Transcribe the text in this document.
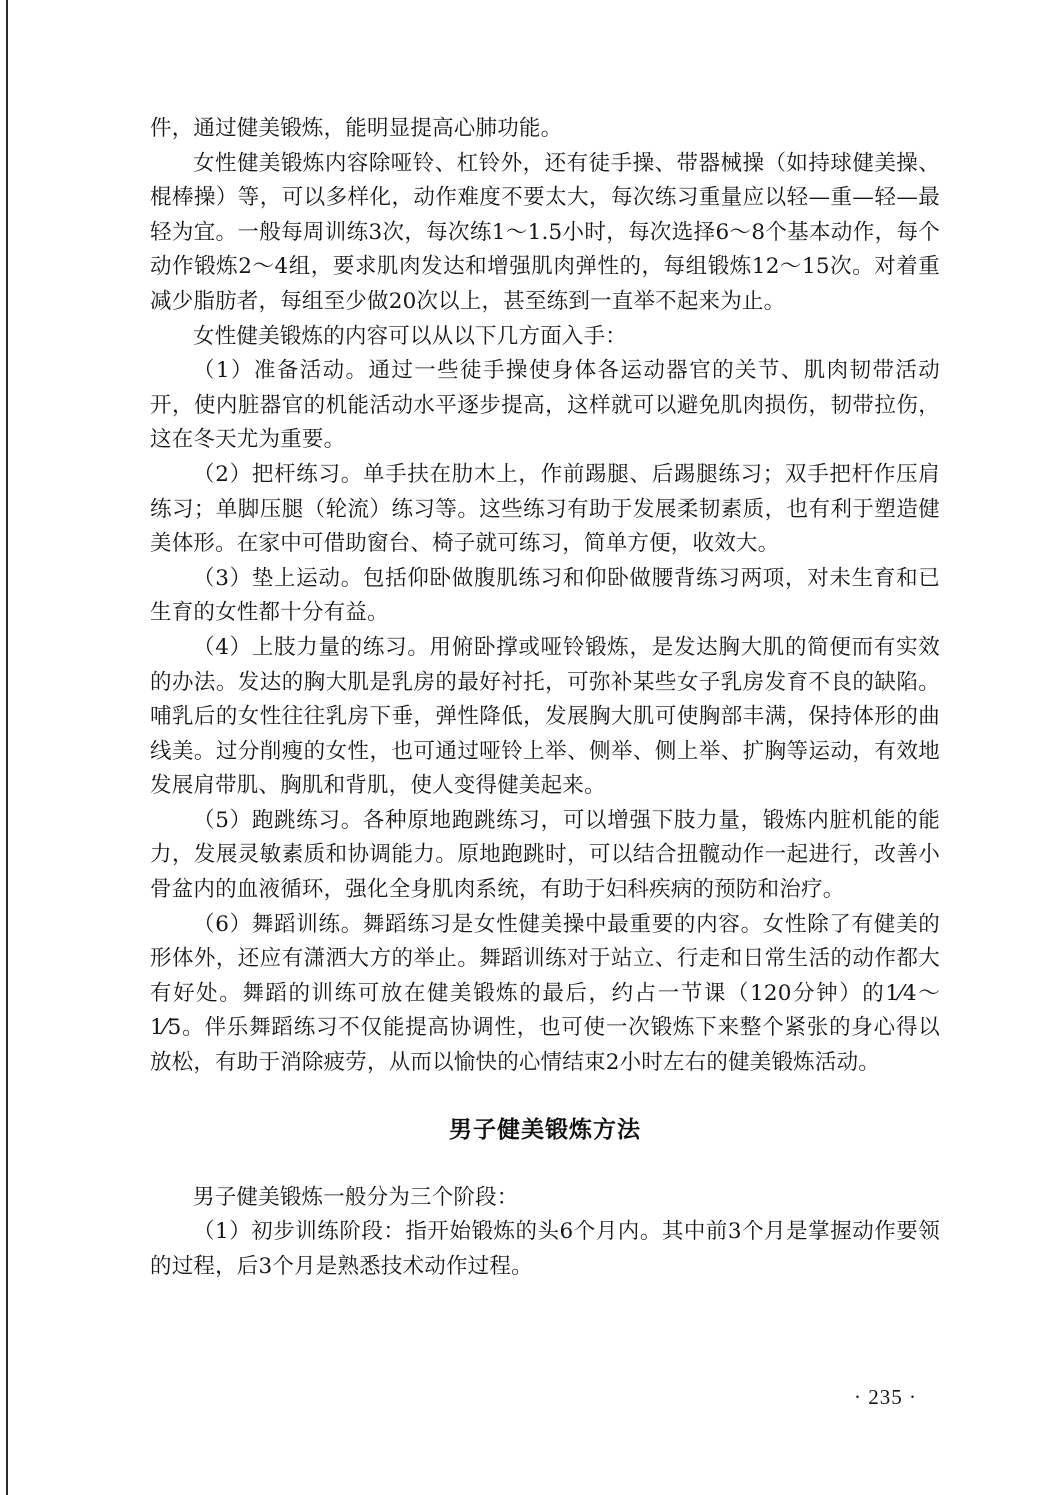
件，通过健美锻炼，能明显提高心肺功能。

女性健美锻炼内容除哑铃、杠铃外，还有徒手操、带器械操（如持球健美操、棍棒操）等，可以多样化，动作难度不要太大，每次练习重量应以轻—重—轻—最轻为宜。一般每周训练3次，每次练1～1.5小时，每次选择6～8个基本动作，每个动作锻炼2～4组，要求肌肉发达和增强肌肉弹性的，每组锻炼12～15次。对着重减少脂肪者，每组至少做20次以上，甚至练到一直举不起来为止。

女性健美锻炼的内容可以从以下几方面入手：

（1）准备活动。通过一些徒手操使身体各运动器官的关节、肌肉韧带活动开，使内脏器官的机能活动水平逐步提高，这样就可以避免肌肉损伤，韧带拉伤，这在冬天尤为重要。

（2）把杆练习。单手扶在肋木上，作前踢腿、后踢腿练习；双手把杆作压肩练习；单脚压腿（轮流）练习等。这些练习有助于发展柔韧素质，也有利于塑造健美体形。在家中可借助窗台、椅子就可练习，简单方便，收效大。

（3）垫上运动。包括仰卧做腹肌练习和仰卧做腰背练习两项，对未生育和已生育的女性都十分有益。

（4）上肢力量的练习。用俯卧撑或哑铃锻炼，是发达胸大肌的简便而有实效的办法。发达的胸大肌是乳房的最好衬托，可弥补某些女子乳房发育不良的缺陷。哺乳后的女性往往乳房下垂，弹性降低，发展胸大肌可使胸部丰满，保持体形的曲线美。过分削瘦的女性，也可通过哑铃上举、侧举、侧上举、扩胸等运动，有效地发展肩带肌、胸肌和背肌，使人变得健美起来。

（5）跑跳练习。各种原地跑跳练习，可以增强下肢力量，锻炼内脏机能的能力，发展灵敏素质和协调能力。原地跑跳时，可以结合扭髋动作一起进行，改善小骨盆内的血液循环，强化全身肌肉系统，有助于妇科疾病的预防和治疗。

（6）舞蹈训练。舞蹈练习是女性健美操中最重要的内容。女性除了有健美的形体外，还应有潇洒大方的举止。舞蹈训练对于站立、行走和日常生活的动作都大有好处。舞蹈的训练可放在健美锻炼的最后，约占一节课（120分钟）的1⁄4～1⁄5。伴乐舞蹈练习不仅能提高协调性，也可使一次锻炼下来整个紧张的身心得以放松，有助于消除疲劳，从而以愉快的心情结束2小时左右的健美锻炼活动。

男子健美锻炼方法

男子健美锻炼一般分为三个阶段：

（1）初步训练阶段：指开始锻炼的头6个月内。其中前3个月是掌握动作要领的过程，后3个月是熟悉技术动作过程。

· 235 ·
